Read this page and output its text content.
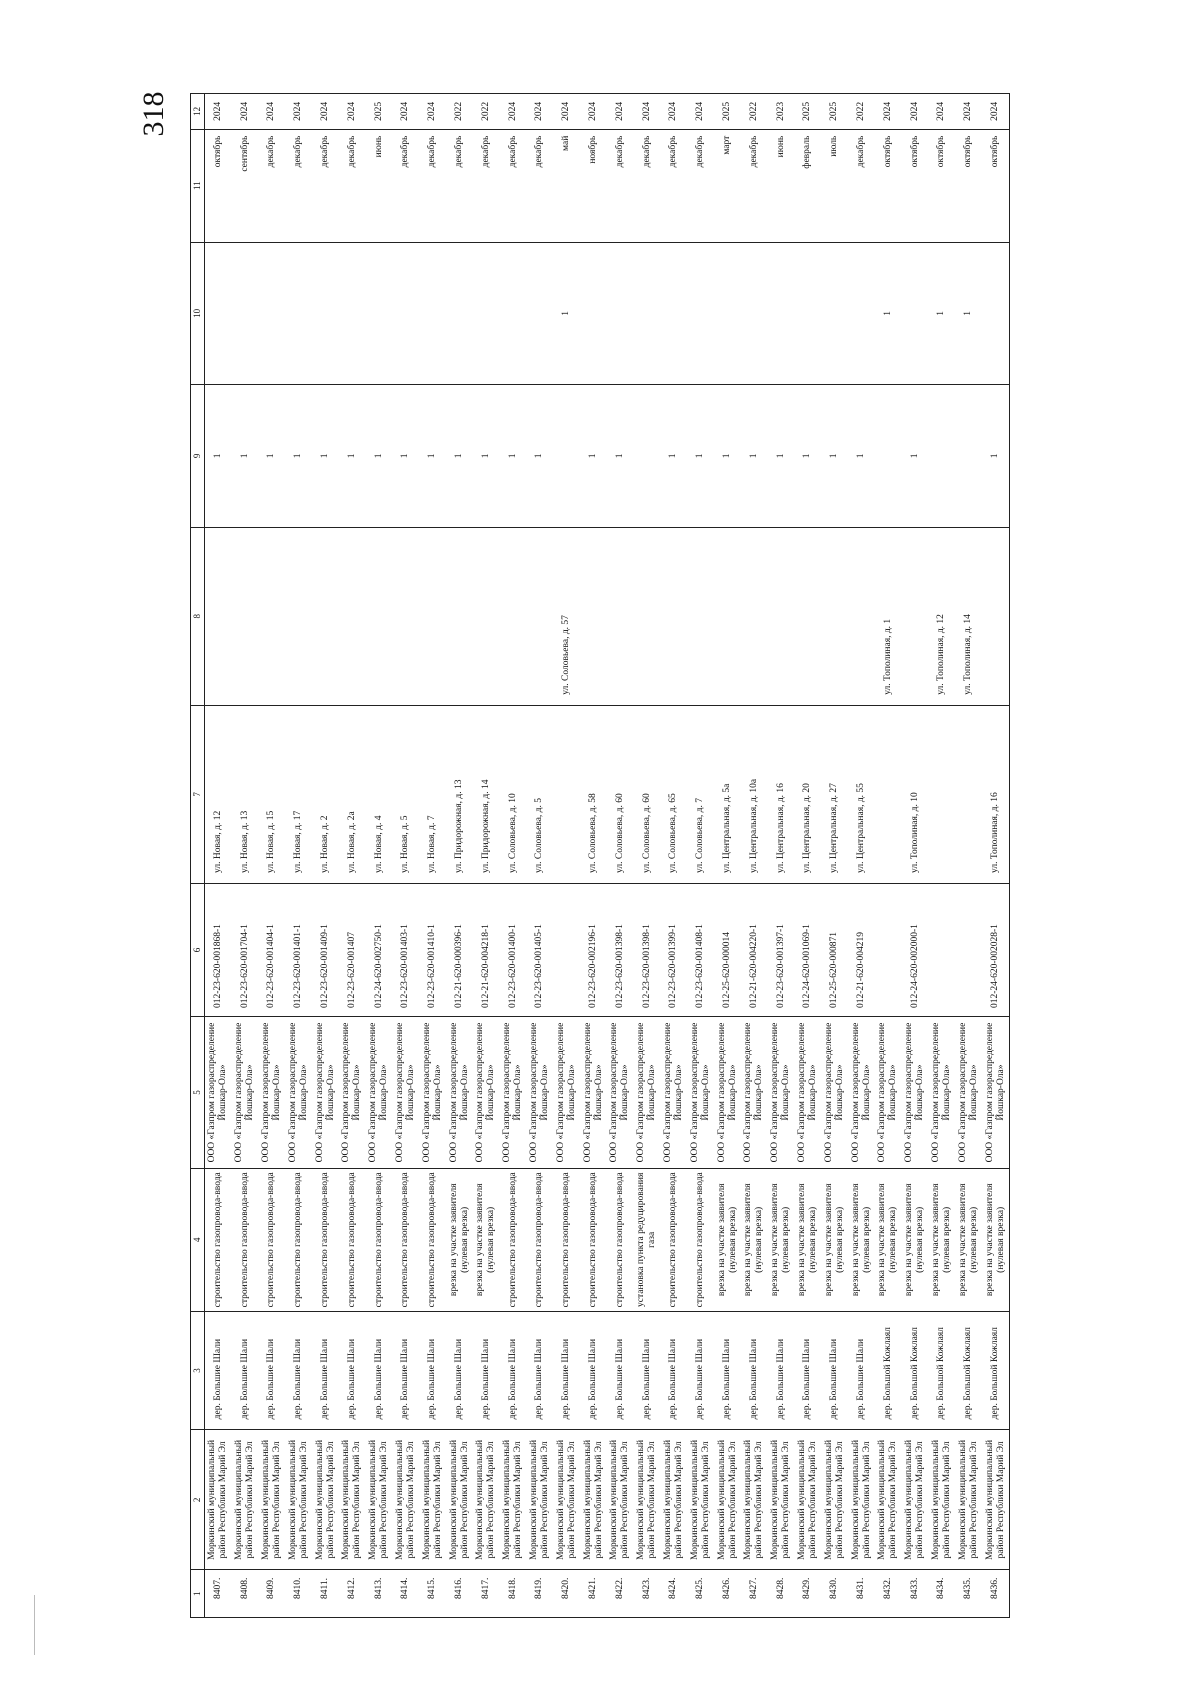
318
1	2	3	4	5	6	7	8	9	10	11	12
8407.	Моркинский муниципальный район Республики Марий Эл	дер. Большие Шали	строительство газопровода-ввода	ООО «Газпром газораспределение Йошкар-Ола»	012-23-620-001868-1	ул. Новая, д. 12		1		октябрь	2024
8408.	Моркинский муниципальный район Республики Марий Эл	дер. Большие Шали	строительство газопровода-ввода	ООО «Газпром газораспределение Йошкар-Ола»	012-23-620-001704-1	ул. Новая, д. 13		1		сентябрь	2024
8409.	Моркинский муниципальный район Республики Марий Эл	дер. Большие Шали	строительство газопровода-ввода	ООО «Газпром газораспределение Йошкар-Ола»	012-23-620-001404-1	ул. Новая, д. 15		1		декабрь	2024
8410.	Моркинский муниципальный район Республики Марий Эл	дер. Большие Шали	строительство газопровода-ввода	ООО «Газпром газораспределение Йошкар-Ола»	012-23-620-001401-1	ул. Новая, д. 17		1		декабрь	2024
8411.	Моркинский муниципальный район Республики Марий Эл	дер. Большие Шали	строительство газопровода-ввода	ООО «Газпром газораспределение Йошкар-Ола»	012-23-620-001409-1	ул. Новая, д. 2		1		декабрь	2024
8412.	Моркинский муниципальный район Республики Марий Эл	дер. Большие Шали	строительство газопровода-ввода	ООО «Газпром газораспределение Йошкар-Ола»	012-23-620-001407	ул. Новая, д. 2а		1		декабрь	2024
8413.	Моркинский муниципальный район Республики Марий Эл	дер. Большие Шали	строительство газопровода-ввода	ООО «Газпром газораспределение Йошкар-Ола»	012-24-620-002750-1	ул. Новая, д. 4		1		июнь	2025
8414.	Моркинский муниципальный район Республики Марий Эл	дер. Большие Шали	строительство газопровода-ввода	ООО «Газпром газораспределение Йошкар-Ола»	012-23-620-001403-1	ул. Новая, д. 5		1		декабрь	2024
8415.	Моркинский муниципальный район Республики Марий Эл	дер. Большие Шали	строительство газопровода-ввода	ООО «Газпром газораспределение Йошкар-Ола»	012-23-620-001410-1	ул. Новая, д. 7		1		декабрь	2024
8416.	Моркинский муниципальный район Республики Марий Эл	дер. Большие Шали	врезка на участке заявителя (нулевая врезка)	ООО «Газпром газораспределение Йошкар-Ола»	012-21-620-000396-1	ул. Придорожная, д. 13		1		декабрь	2022
8417.	Моркинский муниципальный район Республики Марий Эл	дер. Большие Шали	врезка на участке заявителя (нулевая врезка)	ООО «Газпром газораспределение Йошкар-Ола»	012-21-620-004218-1	ул. Придорожная, д. 14		1		декабрь	2022
8418.	Моркинский муниципальный район Республики Марий Эл	дер. Большие Шали	строительство газопровода-ввода	ООО «Газпром газораспределение Йошкар-Ола»	012-23-620-001400-1	ул. Соловьева, д. 10		1		декабрь	2024
8419.	Моркинский муниципальный район Республики Марий Эл	дер. Большие Шали	строительство газопровода-ввода	ООО «Газпром газораспределение Йошкар-Ола»	012-23-620-001405-1	ул. Соловьева, д. 5		1		декабрь	2024
8420.	Моркинский муниципальный район Республики Марий Эл	дер. Большие Шали	строительство газопровода-ввода	ООО «Газпром газораспределение Йошкар-Ола»			ул. Соловьева, д. 57		1	май	2024
8421.	Моркинский муниципальный район Республики Марий Эл	дер. Большие Шали	строительство газопровода-ввода	ООО «Газпром газораспределение Йошкар-Ола»	012-23-620-002196-1	ул. Соловьева, д. 58		1		ноябрь	2024
8422.	Моркинский муниципальный район Республики Марий Эл	дер. Большие Шали	строительство газопровода-ввода	ООО «Газпром газораспределение Йошкар-Ола»	012-23-620-001398-1	ул. Соловьева, д. 60		1		декабрь	2024
8423.	Моркинский муниципальный район Республики Марий Эл	дер. Большие Шали	установка пункта редуцирования газа	ООО «Газпром газораспределение Йошкар-Ола»	012-23-620-001398-1	ул. Соловьева, д. 60				декабрь	2024
8424.	Моркинский муниципальный район Республики Марий Эл	дер. Большие Шали	строительство газопровода-ввода	ООО «Газпром газораспределение Йошкар-Ола»	012-23-620-001399-1	ул. Соловьева, д. 65		1		декабрь	2024
8425.	Моркинский муниципальный район Республики Марий Эл	дер. Большие Шали	строительство газопровода-ввода	ООО «Газпром газораспределение Йошкар-Ола»	012-23-620-001408-1	ул. Соловьева, д. 7		1		декабрь	2024
8426.	Моркинский муниципальный район Республики Марий Эл	дер. Большие Шали	врезка на участке заявителя (нулевая врезка)	ООО «Газпром газораспределение Йошкар-Ола»	012-25-620-000014	ул. Центральная, д. 5а		1		март	2025
8427.	Моркинский муниципальный район Республики Марий Эл	дер. Большие Шали	врезка на участке заявителя (нулевая врезка)	ООО «Газпром газораспределение Йошкар-Ола»	012-21-620-004220-1	ул. Центральная, д. 10а		1		декабрь	2022
8428.	Моркинский муниципальный район Республики Марий Эл	дер. Большие Шали	врезка на участке заявителя (нулевая врезка)	ООО «Газпром газораспределение Йошкар-Ола»	012-23-620-001397-1	ул. Центральная, д. 16		1		июнь	2023
8429.	Моркинский муниципальный район Республики Марий Эл	дер. Большие Шали	врезка на участке заявителя (нулевая врезка)	ООО «Газпром газораспределение Йошкар-Ола»	012-24-620-001069-1	ул. Центральная, д. 20		1		февраль	2025
8430.	Моркинский муниципальный район Республики Марий Эл	дер. Большие Шали	врезка на участке заявителя (нулевая врезка)	ООО «Газпром газораспределение Йошкар-Ола»	012-25-620-000871	ул. Центральная, д. 27		1		июль	2025
8431.	Моркинский муниципальный район Республики Марий Эл	дер. Большие Шали	врезка на участке заявителя (нулевая врезка)	ООО «Газпром газораспределение Йошкар-Ола»	012-21-620-004219	ул. Центральная, д. 55		1		декабрь	2022
8432.	Моркинский муниципальный район Республики Марий Эл	дер. Большой Кожлаял	врезка на участке заявителя (нулевая врезка)	ООО «Газпром газораспределение Йошкар-Ола»			ул. Тополиная, д. 1		1	октябрь	2024
8433.	Моркинский муниципальный район Республики Марий Эл	дер. Большой Кожлаял	врезка на участке заявителя (нулевая врезка)	ООО «Газпром газораспределение Йошкар-Ола»	012-24-620-002000-1	ул. Тополиная, д. 10		1		октябрь	2024
8434.	Моркинский муниципальный район Республики Марий Эл	дер. Большой Кожлаял	врезка на участке заявителя (нулевая врезка)	ООО «Газпром газораспределение Йошкар-Ола»			ул. Тополиная, д. 12		1	октябрь	2024
8435.	Моркинский муниципальный район Республики Марий Эл	дер. Большой Кожлаял	врезка на участке заявителя (нулевая врезка)	ООО «Газпром газораспределение Йошкар-Ола»			ул. Тополиная, д. 14		1	октябрь	2024
8436.	Моркинский муниципальный район Республики Марий Эл	дер. Большой Кожлаял	врезка на участке заявителя (нулевая врезка)	ООО «Газпром газораспределение Йошкар-Ола»	012-24-620-002028-1	ул. Тополиная, д. 16		1		октябрь	2024
